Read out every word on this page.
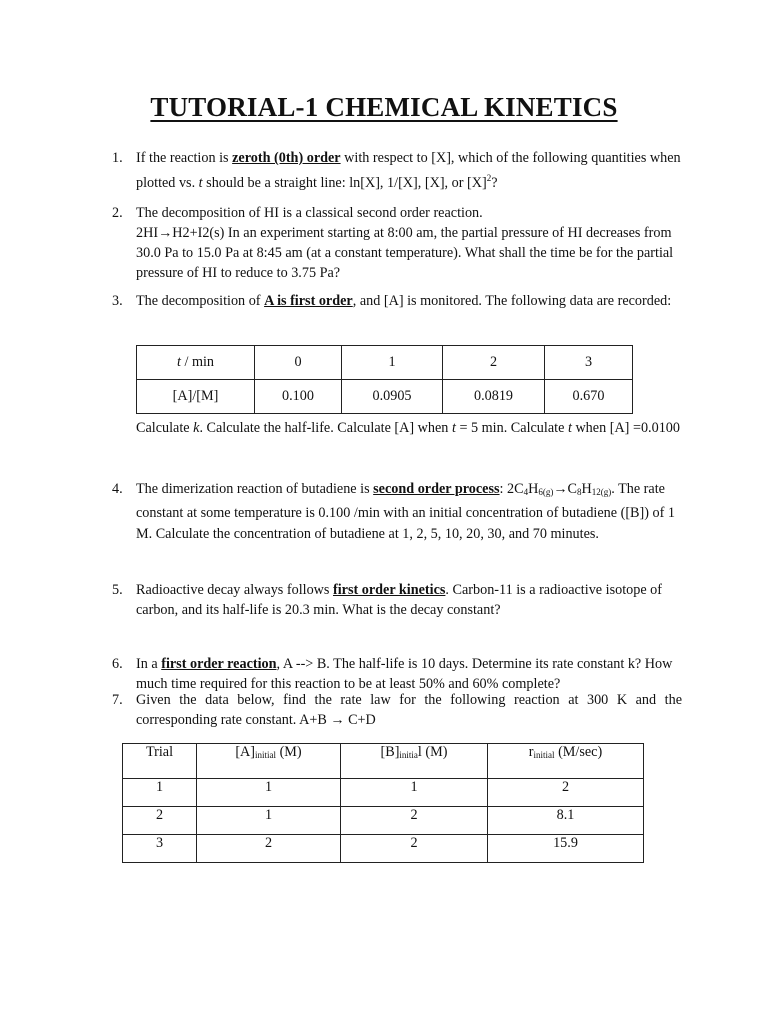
TUTORIAL-1 CHEMICAL KINETICS
1. If the reaction is zeroth (0th) order with respect to [X], which of the following quantities when plotted vs. t should be a straight line: ln[X], 1/[X], [X], or $[X]^2$?
2. The decomposition of HI is a classical second order reaction.
2HI→H2+I2(s) In an experiment starting at 8:00 am, the partial pressure of HI decreases from 30.0 Pa to 15.0 Pa at 8:45 am (at a constant temperature). What shall the time be for the partial pressure of HI to reduce to 3.75 Pa?
3. The decomposition of A is first order, and [A] is monitored. The following data are recorded:
t / min	0	1	2	3
[A]/[M]	0.100	0.0905	0.0819	0.670
Calculate k. Calculate the half-life. Calculate [A] when t = 5 min. Calculate t when [A] =0.0100
4. The dimerization reaction of butadiene is second order process: $2C_4H_{6(g)}\to C_8H_{12(g)}$. The rate constant at some temperature is 0.100 /min with an initial concentration of butadiene ([B]) of 1 M. Calculate the concentration of butadiene at 1, 2, 5, 10, 20, 30, and 70 minutes.
5. Radioactive decay always follows first order kinetics. Carbon-11 is a radioactive isotope of carbon, and its half-life is 20.3 min. What is the decay constant?
6. In a first order reaction, A --> B. The half-life is 10 days. Determine its rate constant k? How much time required for this reaction to be at least 50% and 60% complete?
7. Given the data below, find the rate law for the following reaction at 300 K and the corresponding rate constant. A+B → C+D
Trial	$[A]_{initial}$ (M)	$[B]_{initia}l$ (M)	$r_{initial}$ (M/sec)
1	1	1	2
2	1	2	8.1
3	2	2	15.9
